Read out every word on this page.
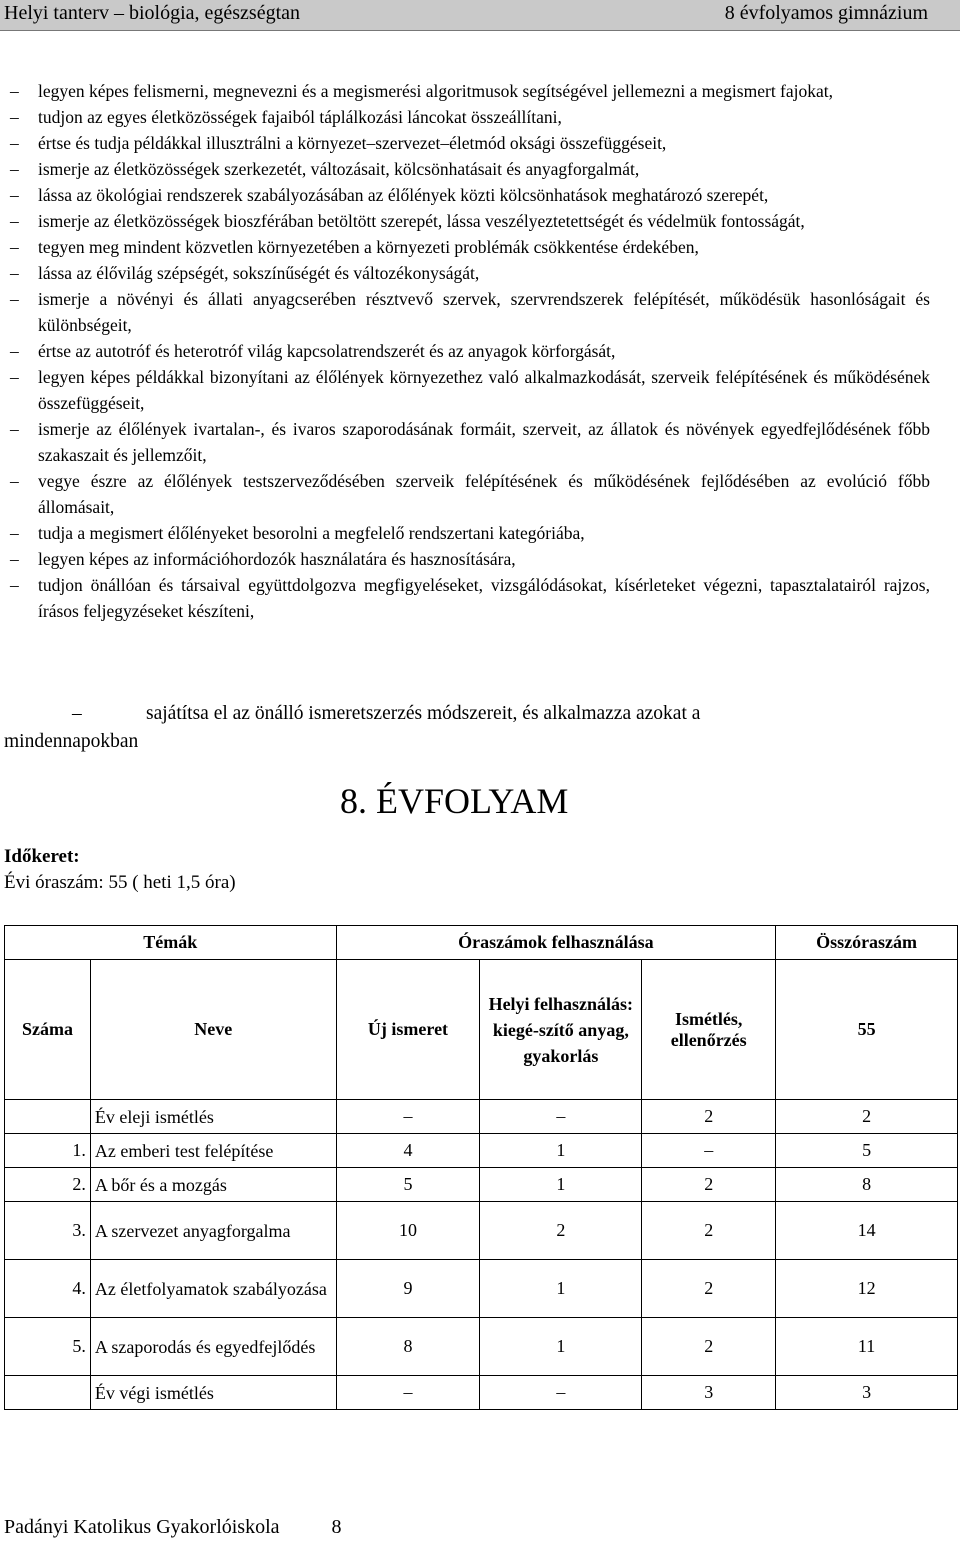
Helyi tanterv – biológia, egészségtan	8 évfolyamos gimnázium
– legyen képes felismerni, megnevezni és a megismerési algoritmusok segítségével jellemezni a megismert fajokat,
– tudjon az egyes életközösségek fajaiból táplálkozási láncokat összeállítani,
– értse és tudja példákkal illusztrálni a környezet–szervezet–életmód oksági összefüggéseit,
– ismerje az életközösségek szerkezetét, változásait, kölcsönhatásait és anyagforgalmát,
– lássa az ökológiai rendszerek szabályozásában az élőlények közti kölcsönhatások meghatározó szerepét,
– ismerje az életközösségek bioszférában betöltött szerepét, lássa veszélyeztetettségét és védelmük fontosságát,
– tegyen meg mindent közvetlen környezetében a környezeti problémák csökkentése érdekében,
– lássa az élővilág szépségét, sokszínűségét és változékonyságát,
– ismerje a növényi és állati anyagcserében résztvevő szervek, szervrendszerek felépítését, működésük hasonlóságait és különbségeit,
– értse az autotróf és heterotróf világ kapcsolatrendszerét és az anyagok körforgását,
– legyen képes példákkal bizonyítani az élőlények környezethez való alkalmazkodását, szerveik felépítésének és működésének összefüggéseit,
– ismerje az élőlények ivartalan-, és ivaros szaporodásának formáit, szerveit, az állatok és növények egyedfejlődésének főbb szakaszait és jellemzőit,
– vegye észre az élőlények testszerveződésében szerveik felépítésének és működésének fejlődésében az evolúció főbb állomásait,
– tudja a megismert élőlényeket besorolni a megfelelő rendszertani kategóriába,
– legyen képes az információhordozók használatára és hasznosítására,
– tudjon önállóan és társaival együttdolgozva megfigyeléseket, vizsgálódásokat, kísérleteket végezni, tapasztalatairól rajzos, írásos feljegyzéseket készíteni,
–	sajátítsa el az önálló ismeretszerzés módszereit, és alkalmazza azokat a
mindennapokban
8. ÉVFOLYAM
Időkeret:
Évi óraszám: 55 ( heti 1,5 óra)
Témák		Óraszámok felhasználása			Összóraszám
Száma	Neve	Új ismeret	Helyi felhasználás: kiegé-szítő anyag, gyakorlás	Ismétlés, ellenőrzés	55
	Év eleji ismétlés	–	–	2	2
1.	Az emberi test felépítése	4	1	–	5
2.	A bőr és a mozgás	5	1	2	8
3.	A szervezet anyagforgalma	10	2	2	14
4.	Az életfolyamatok szabályozása	9	1	2	12
5.	A szaporodás és egyedfejlődés	8	1	2	11
	Év végi ismétlés	–	–	3	3
Padányi Katolikus Gyakorlóiskola	8
